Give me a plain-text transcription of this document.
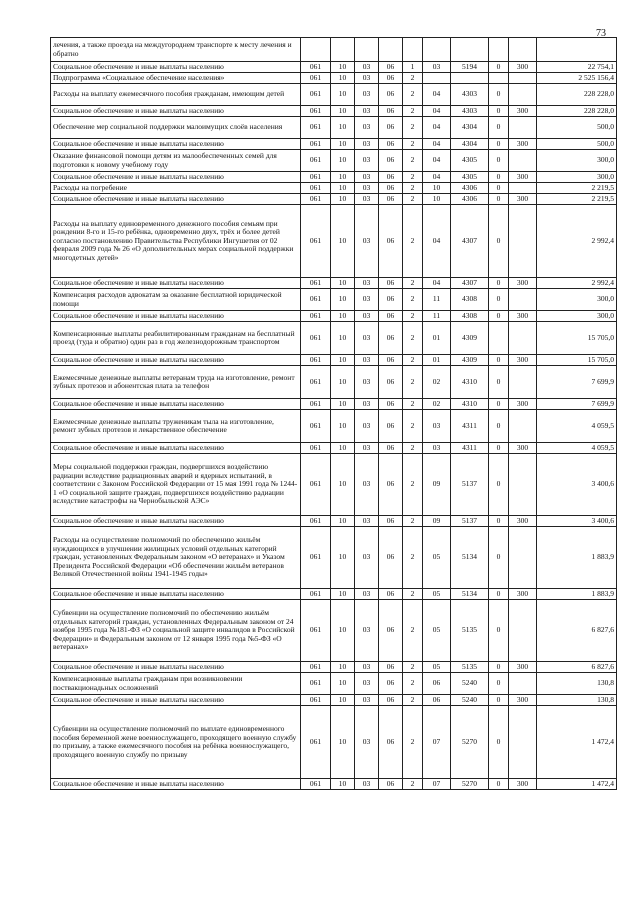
73
лечения, а также проезда на междугороднем транспорте к месту лечения и обратно										
Социальное обеспечение и иные выплаты населению	061	10	03	06	1	03	5194	0	300	22 754,1
Подпрограмма «Социальное обеспечение населения»	061	10	03	06	2					2 525 156,4
Расходы на выплату ежемесячного пособия гражданам, имеющим детей	061	10	03	06	2	04	4303	0		228 228,0
Социальное обеспечение и иные выплаты населению	061	10	03	06	2	04	4303	0	300	228 228,0
Обеспечение мер социальной поддержки малоимущих слоёв населения	061	10	03	06	2	04	4304	0		500,0
Социальное обеспечение и иные выплаты населению	061	10	03	06	2	04	4304	0	300	500,0
Оказание финансовой помощи детям из малообеспеченных семей для подготовки к новому учебному году	061	10	03	06	2	04	4305	0		300,0
Социальное обеспечение и иные выплаты населению	061	10	03	06	2	04	4305	0	300	300,0
Расходы на погребение	061	10	03	06	2	10	4306	0		2 219,5
Социальное обеспечение и иные выплаты населению	061	10	03	06	2	10	4306	0	300	2 219,5
Расходы на выплату единовременного денежного пособия семьям при рождении 8-го и 15-го ребёнка, одновременно двух, трёх и более детей согласно постановлению Правительства Республики Ингушетия от 02 февраля 2009 года № 26 «О дополнительных мерах социальной поддержки многодетных детей»	061	10	03	06	2	04	4307	0		2 992,4
Социальное обеспечение и иные выплаты населению	061	10	03	06	2	04	4307	0	300	2 992,4
Компенсация расходов адвокатам за оказание бесплатной юридической помощи	061	10	03	06	2	11	4308	0		300,0
Социальное обеспечение и иные выплаты населению	061	10	03	06	2	11	4308	0	300	300,0
Компенсационные выплаты реабилитированным гражданам на бесплатный проезд (туда и обратно) один раз в год железнодорожным транспортом	061	10	03	06	2	01	4309			15 705,0
Социальное обеспечение и иные выплаты населению	061	10	03	06	2	01	4309	0	300	15 705,0
Ежемесячные денежные выплаты ветеранам труда на изготовление, ремонт зубных протезов и абонентская плата за телефон	061	10	03	06	2	02	4310	0		7 699,9
Социальное обеспечение и иные выплаты населению	061	10	03	06	2	02	4310	0	300	7 699,9
Ежемесячные денежные выплаты труженикам тыла на изготовление, ремонт зубных протезов и лекарственное обеспечение	061	10	03	06	2	03	4311	0		4 059,5
Социальное обеспечение и иные выплаты населению	061	10	03	06	2	03	4311	0	300	4 059,5
Меры социальной поддержки граждан, подвергшихся воздействию радиации вследствие радиационных аварий и ядерных испытаний, в соответствии с Законом Российской Федерации от 15 мая 1991 года № 1244-1 «О социальной защите граждан, подвергшихся воздействию радиации вследствие катастрофы на Чернобыльской АЭС»	061	10	03	06	2	09	5137	0		3 400,6
Социальное обеспечение и иные выплаты населению	061	10	03	06	2	09	5137	0	300	3 400,6
Расходы на осуществление полномочий по обеспечению жильём нуждающихся в улучшении жилищных условий отдельных категорий граждан, установленных Федеральным законом «О ветеранах» и Указом Президента Российской Федерации «Об обеспечении жильём ветеранов Великой Отечественной войны 1941-1945 годы»	061	10	03	06	2	05	5134	0		1 883,9
Социальное обеспечение и иные выплаты населению	061	10	03	06	2	05	5134	0	300	1 883,9
Субвенции на осуществление полномочий по обеспечению жильём отдельных категорий граждан, установленных Федеральным законом от 24 ноября 1995 года №181-ФЗ «О социальной защите инвалидов в Российской Федерации» и Федеральным законом от 12 января 1995 года №5-ФЗ «О ветеранах»	061	10	03	06	2	05	5135	0		6 827,6
Социальное обеспечение и иные выплаты населению	061	10	03	06	2	05	5135	0	300	6 827,6
Компенсационные выплаты гражданам при возникновении поствакционадьных осложнений	061	10	03	06	2	06	5240	0		130,8
Социальное обеспечение и иные выплаты населению	061	10	03	06	2	06	5240	0	300	130,8
Субвенции на осуществление полномочий по выплате единовременного пособия беременной жене военнослужащего, проходящего военную службу по призыву, а также ежемесячного пособия на ребёнка военнослужащего, проходящего военную службу по призыву	061	10	03	06	2	07	5270	0		1 472,4
Социальное обеспечение и иные выплаты населению	061	10	03	06	2	07	5270	0	300	1 472,4
